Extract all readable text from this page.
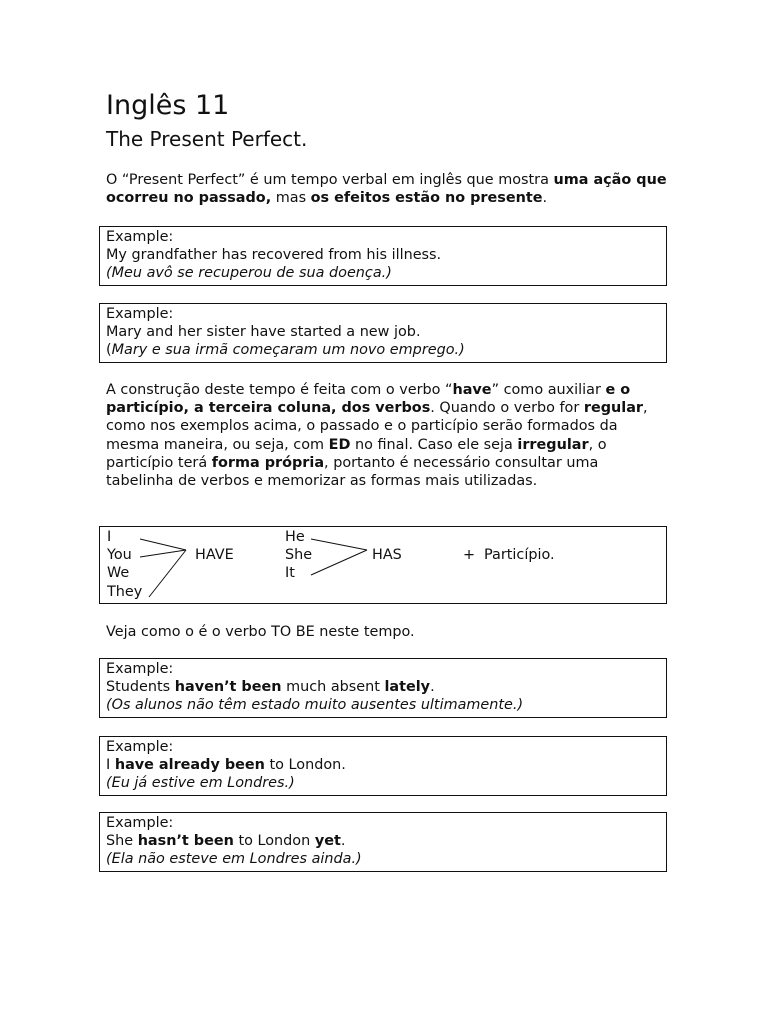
Inglês 11
The Present Perfect.

O “Present Perfect” é um tempo verbal em inglês que mostra uma ação que ocorreu no passado, mas os efeitos estão no presente.

Example:
My grandfather has recovered from his illness.
(Meu avô se recuperou de sua doença.)
Example:
Mary and her sister have started a new job.
(Mary e sua irmã começaram um novo emprego.)

A construção deste tempo é feita com o verbo “have” como auxiliar e o particípio, a terceira coluna, dos verbos. Quando o verbo for regular, como nos exemplos acima, o passado e o particípio serão formados da mesma maneira, ou seja, com ED no final. Caso ele seja irregular, o particípio terá forma própria, portanto é necessário consultar uma tabelinha de verbos e memorizar as formas mais utilizadas.

I
You
We
They
HAVE
He
She
It
HAS	+ Particípio.

Veja como o é o verbo TO BE neste tempo.

Example:
Students haven’t been much absent lately.
(Os alunos não têm estado muito ausentes ultimamente.)
Example:
I have already been to London.
(Eu já estive em Londres.)
Example:
She hasn’t been to London yet.
(Ela não esteve em Londres ainda.)
